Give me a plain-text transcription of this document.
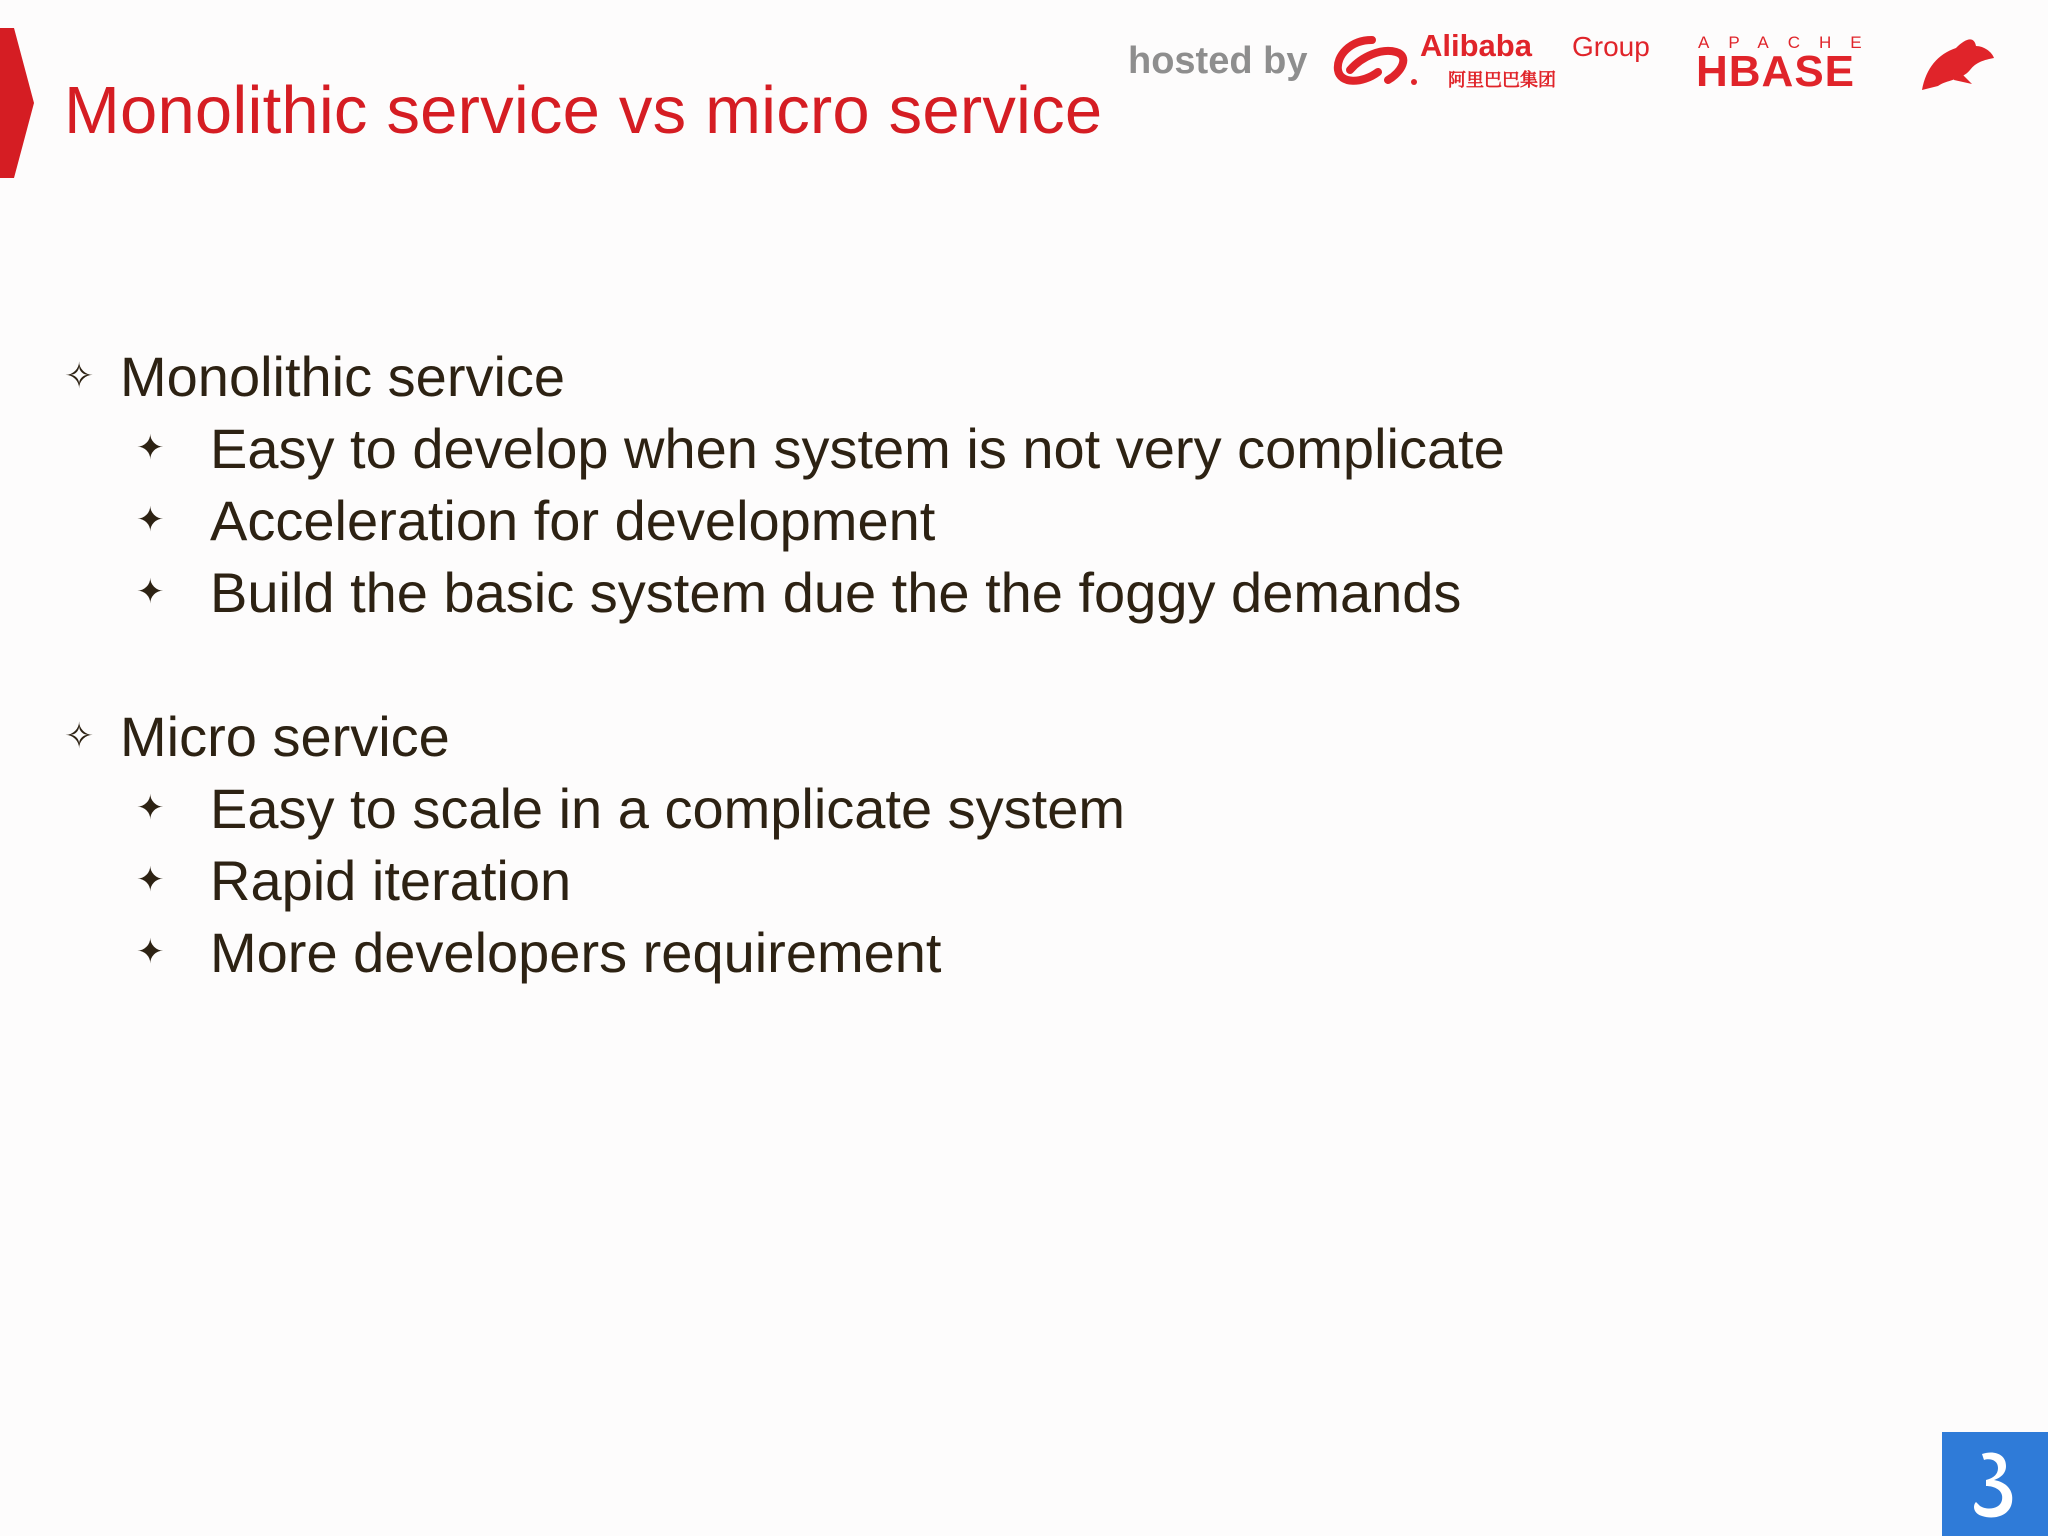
Monolithic service vs micro service
hosted by	Alibaba Group
阿里巴巴集团
APACHE
HBASE
✧ Monolithic service
✦ Easy to develop when system is not very complicate
✦ Acceleration for development
✦ Build the basic system due the the foggy demands
✧ Micro service
✦ Easy to scale in a complicate system
✦ Rapid iteration
✦ More developers requirement
